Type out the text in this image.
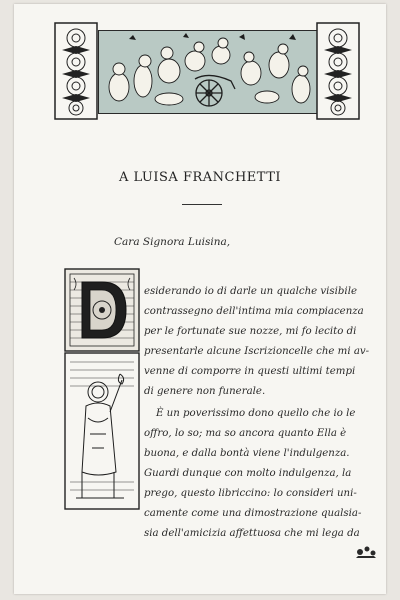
A LUISA FRANCHETTI
Cara Signora Luisina,
esiderando io di darle un qualche visibile
contrassegno dell'intima mia compiacenza
per le fortunate sue nozze, mi fo lecito di
presentarle alcune Iscrizioncelle che mi av-
venne di comporre in questi ultimi tempi
di genere non funerale.
È un poverissimo dono quello che io le
offro, lo so; ma so ancora quanto Ella è
buona, e dalla bontà viene l'indulgenza.
Guardi dunque con molto indulgenza, la
prego, questo libriccino: lo consideri uni-
camente come una dimostrazione qualsia-
sia dell'amicizia affettuosa che mi lega da
